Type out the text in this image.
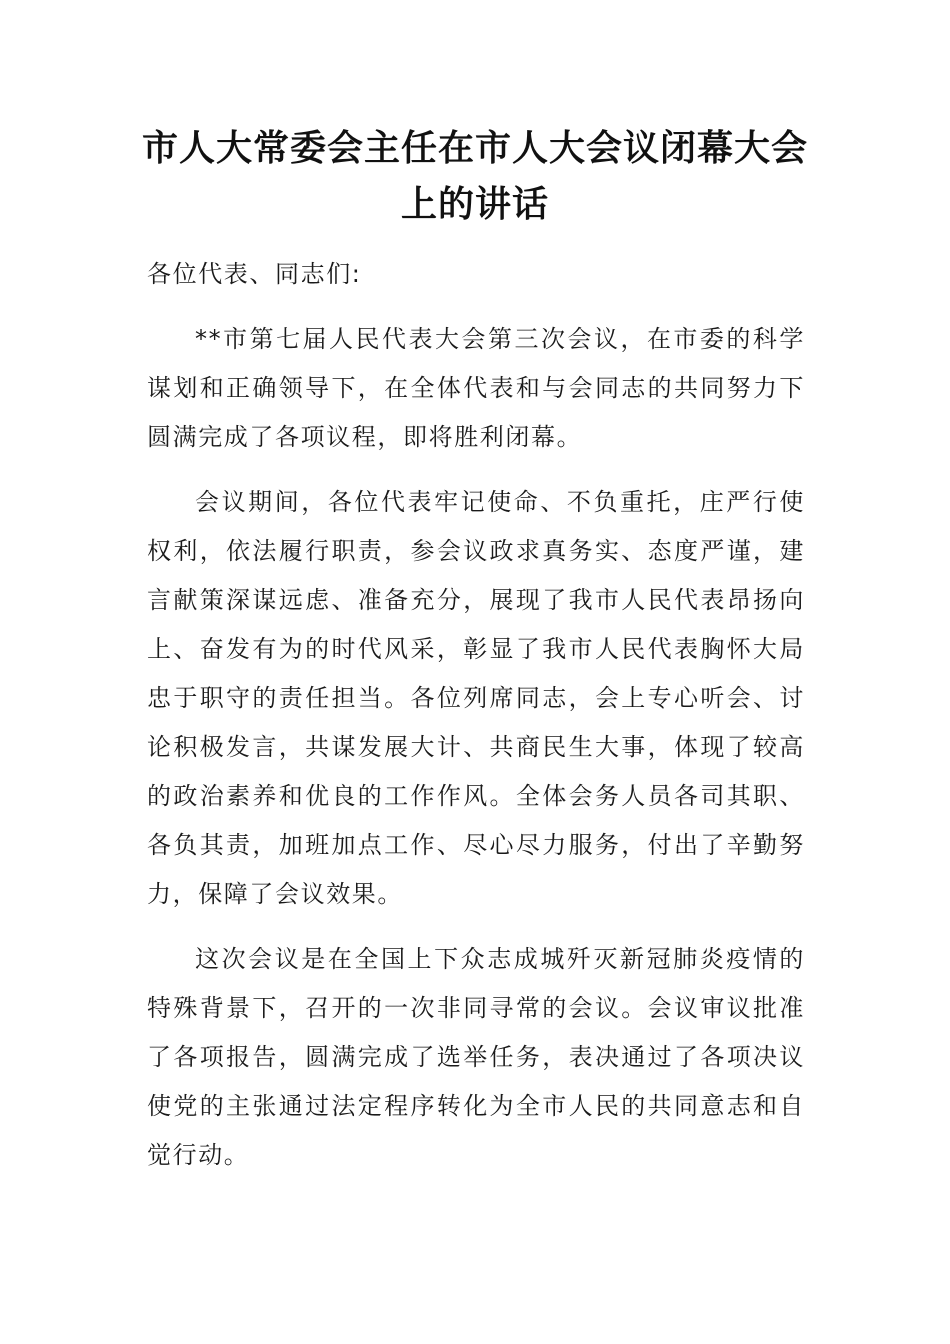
市人大常委会主任在市人大会议闭幕大会上的讲话

各位代表、同志们:

**市第七届人民代表大会第三次会议，在市委的科学谋划和正确领导下，在全体代表和与会同志的共同努力下圆满完成了各项议程，即将胜利闭幕。

会议期间，各位代表牢记使命、不负重托，庄严行使权利，依法履行职责，参会议政求真务实、态度严谨，建言献策深谋远虑、准备充分，展现了我市人民代表昂扬向上、奋发有为的时代风采，彰显了我市人民代表胸怀大局忠于职守的责任担当。各位列席同志，会上专心听会、讨论积极发言，共谋发展大计、共商民生大事，体现了较高的政治素养和优良的工作作风。全体会务人员各司其职、各负其责，加班加点工作、尽心尽力服务，付出了辛勤努力，保障了会议效果。

这次会议是在全国上下众志成城歼灭新冠肺炎疫情的特殊背景下，召开的一次非同寻常的会议。会议审议批准了各项报告，圆满完成了选举任务，表决通过了各项决议使党的主张通过法定程序转化为全市人民的共同意志和自觉行动。
